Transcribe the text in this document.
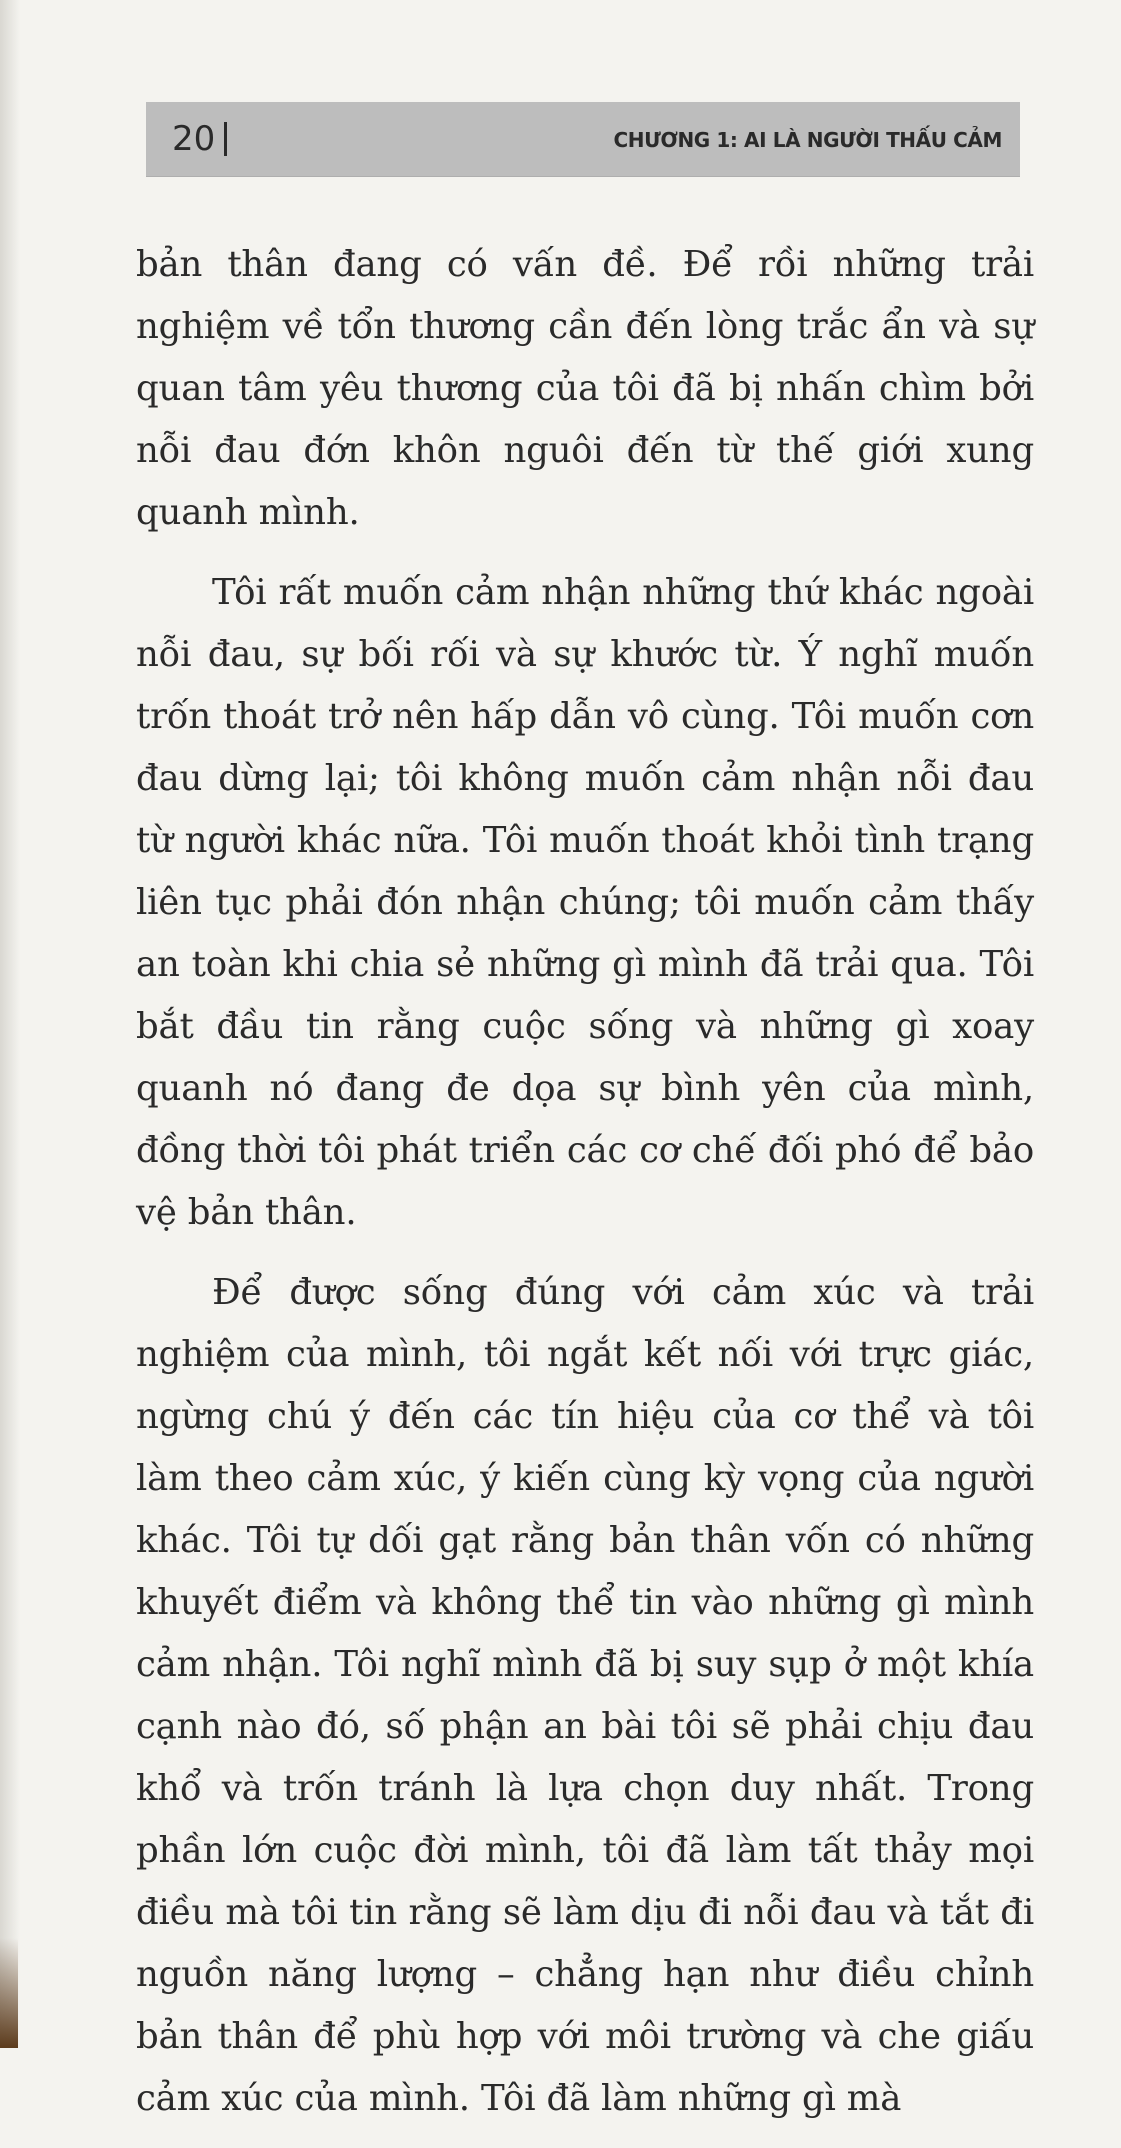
20	CHƯƠNG 1: AI LÀ NGƯỜI THẤU CẢM

bản thân đang có vấn đề. Để rồi những trải nghiệm về tổn thương cần đến lòng trắc ẩn và sự quan tâm yêu thương của tôi đã bị nhấn chìm bởi nỗi đau đớn khôn nguôi đến từ thế giới xung quanh mình.

Tôi rất muốn cảm nhận những thứ khác ngoài nỗi đau, sự bối rối và sự khước từ. Ý nghĩ muốn trốn thoát trở nên hấp dẫn vô cùng. Tôi muốn cơn đau dừng lại; tôi không muốn cảm nhận nỗi đau từ người khác nữa. Tôi muốn thoát khỏi tình trạng liên tục phải đón nhận chúng; tôi muốn cảm thấy an toàn khi chia sẻ những gì mình đã trải qua. Tôi bắt đầu tin rằng cuộc sống và những gì xoay quanh nó đang đe dọa sự bình yên của mình, đồng thời tôi phát triển các cơ chế đối phó để bảo vệ bản thân.

Để được sống đúng với cảm xúc và trải nghiệm của mình, tôi ngắt kết nối với trực giác, ngừng chú ý đến các tín hiệu của cơ thể và tôi làm theo cảm xúc, ý kiến cùng kỳ vọng của người khác. Tôi tự dối gạt rằng bản thân vốn có những khuyết điểm và không thể tin vào những gì mình cảm nhận. Tôi nghĩ mình đã bị suy sụp ở một khía cạnh nào đó, số phận an bài tôi sẽ phải chịu đau khổ và trốn tránh là lựa chọn duy nhất. Trong phần lớn cuộc đời mình, tôi đã làm tất thảy mọi điều mà tôi tin rằng sẽ làm dịu đi nỗi đau và tắt đi nguồn năng lượng – chẳng hạn như điều chỉnh bản thân để phù hợp với môi trường và che giấu cảm xúc của mình. Tôi đã làm những gì mà
